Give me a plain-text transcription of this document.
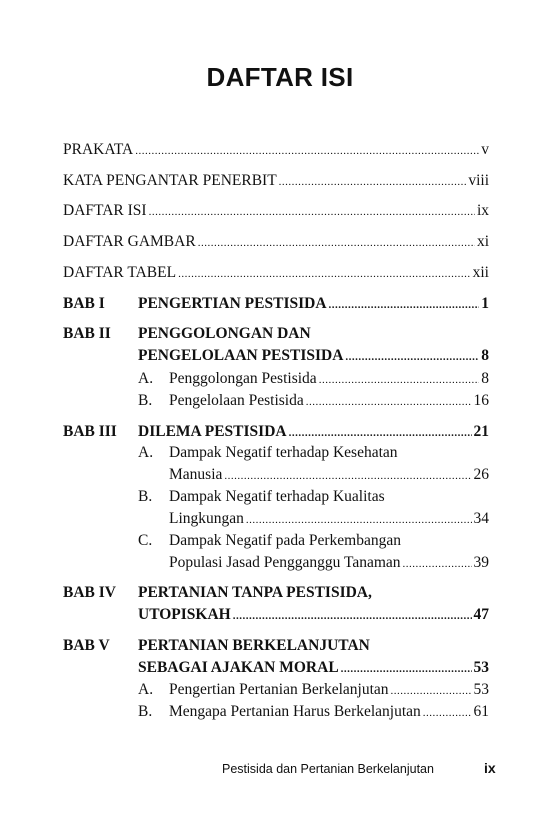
DAFTAR ISI
PRAKATA .....	v
KATA PENGANTAR PENERBIT .....	viii
DAFTAR ISI .....	ix
DAFTAR GAMBAR .....	xi
DAFTAR TABEL .....	xii
BAB I PENGERTIAN PESTISIDA .....	1
BAB II PENGGOLONGAN DAN
PENGELOLAAN PESTISIDA .....	8
A. Penggolongan Pestisida .....	8
B. Pengelolaan Pestisida .....	16
BAB III DILEMA PESTISIDA .....	21
A. Dampak Negatif terhadap Kesehatan
Manusia .....	26
B. Dampak Negatif terhadap Kualitas
Lingkungan .....	34
C. Dampak Negatif pada Perkembangan
Populasi Jasad Pengganggu Tanaman .....	39
BAB IV PERTANIAN TANPA PESTISIDA,
UTOPISKAH .....	47
BAB V PERTANIAN BERKELANJUTAN
SEBAGAI AJAKAN MORAL .....	53
A. Pengertian Pertanian Berkelanjutan .....	53
B. Mengapa Pertanian Harus Berkelanjutan .....	61
Pestisida dan Pertanian Berkelanjutan	ix
